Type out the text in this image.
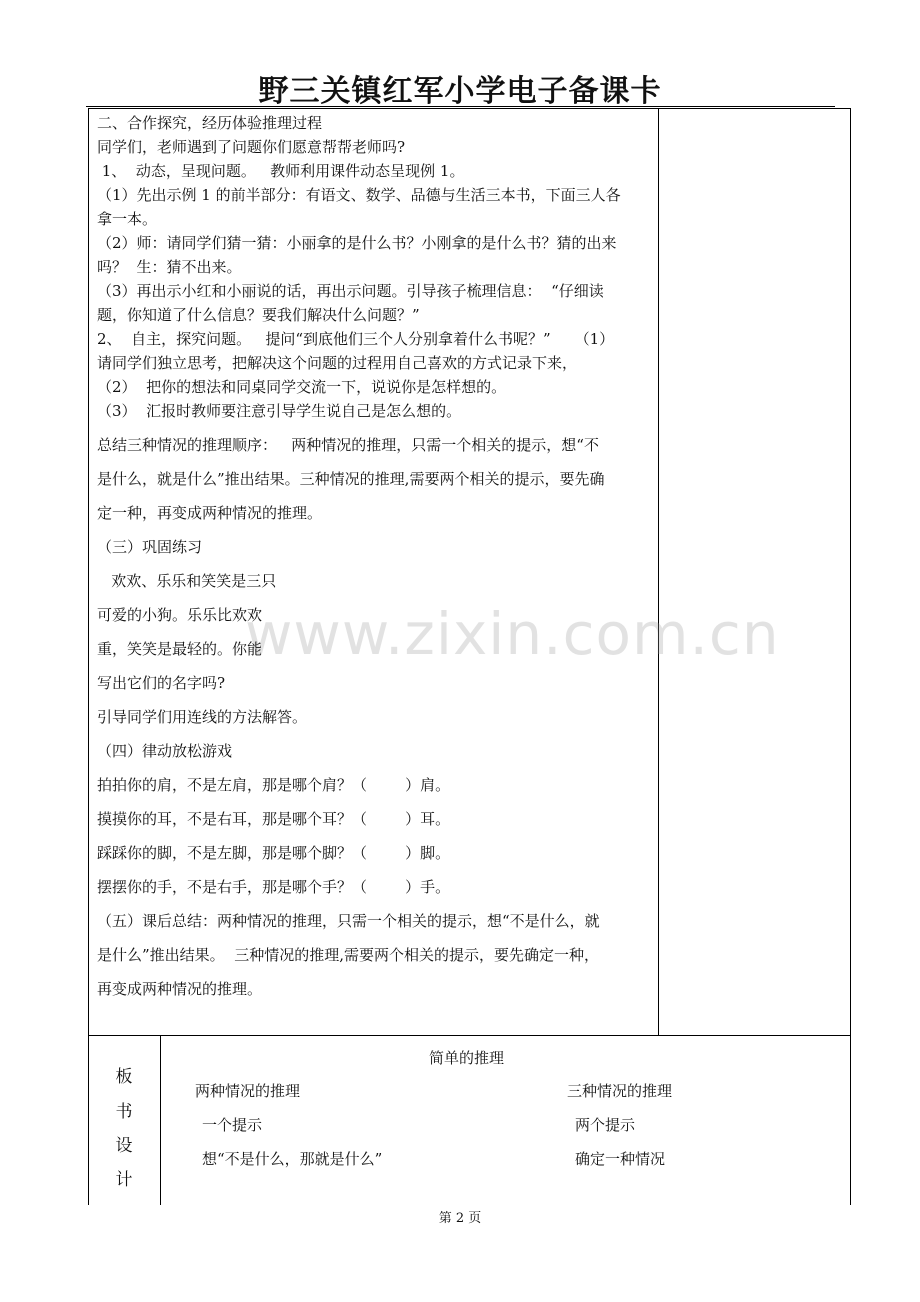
野三关镇红军小学电子备课卡
www.zixin.com.cn
二、合作探究，经历体验推理过程
同学们，老师遇到了问题你们愿意帮帮老师吗?
1、  动态，呈现问题。   教师利用课件动态呈现例 1。
（1）先出示例 1 的前半部分：有语文、数学、品德与生活三本书，下面三人各
拿一本。
（2）师：请同学们猜一猜：小丽拿的是什么书？小刚拿的是什么书？猜的出来
吗？  生：猜不出来。
（3）再出示小红和小丽说的话，再出示问题。引导孩子梳理信息：  “仔细读
题，你知道了什么信息？要我们解决什么问题？”
2、  自主，探究问题。   提问“到底他们三个人分别拿着什么书呢？”     （1）
请同学们独立思考，把解决这个问题的过程用自己喜欢的方式记录下来，
（2）  把你的想法和同桌同学交流一下，说说你是怎样想的。
（3）  汇报时教师要注意引导学生说自己是怎么想的。
总结三种情况的推理顺序：   两种情况的推理，只需一个相关的提示，想“不
是什么，就是什么”推出结果。三种情况的推理,需要两个相关的提示，要先确
定一种，再变成两种情况的推理。
（三）巩固练习
欢欢、乐乐和笑笑是三只
可爱的小狗。乐乐比欢欢
重，笑笑是最轻的。你能
写出它们的名字吗?
引导同学们用连线的方法解答。
（四）律动放松游戏
拍拍你的肩，不是左肩，那是哪个肩？（        ）肩。
摸摸你的耳，不是右耳，那是哪个耳？（        ）耳。
踩踩你的脚，不是左脚，那是哪个脚？（        ）脚。
摆摆你的手，不是右手，那是哪个手？（        ）手。
（五）课后总结：两种情况的推理，只需一个相关的提示，想“不是什么，就
是什么”推出结果。  三种情况的推理,需要两个相关的提示，要先确定一种，
再变成两种情况的推理。
板
书
设
计
简单的推理
两种情况的推理
一个提示
想“不是什么，那就是什么”
三种情况的推理
两个提示
确定一种情况
第 2 页
